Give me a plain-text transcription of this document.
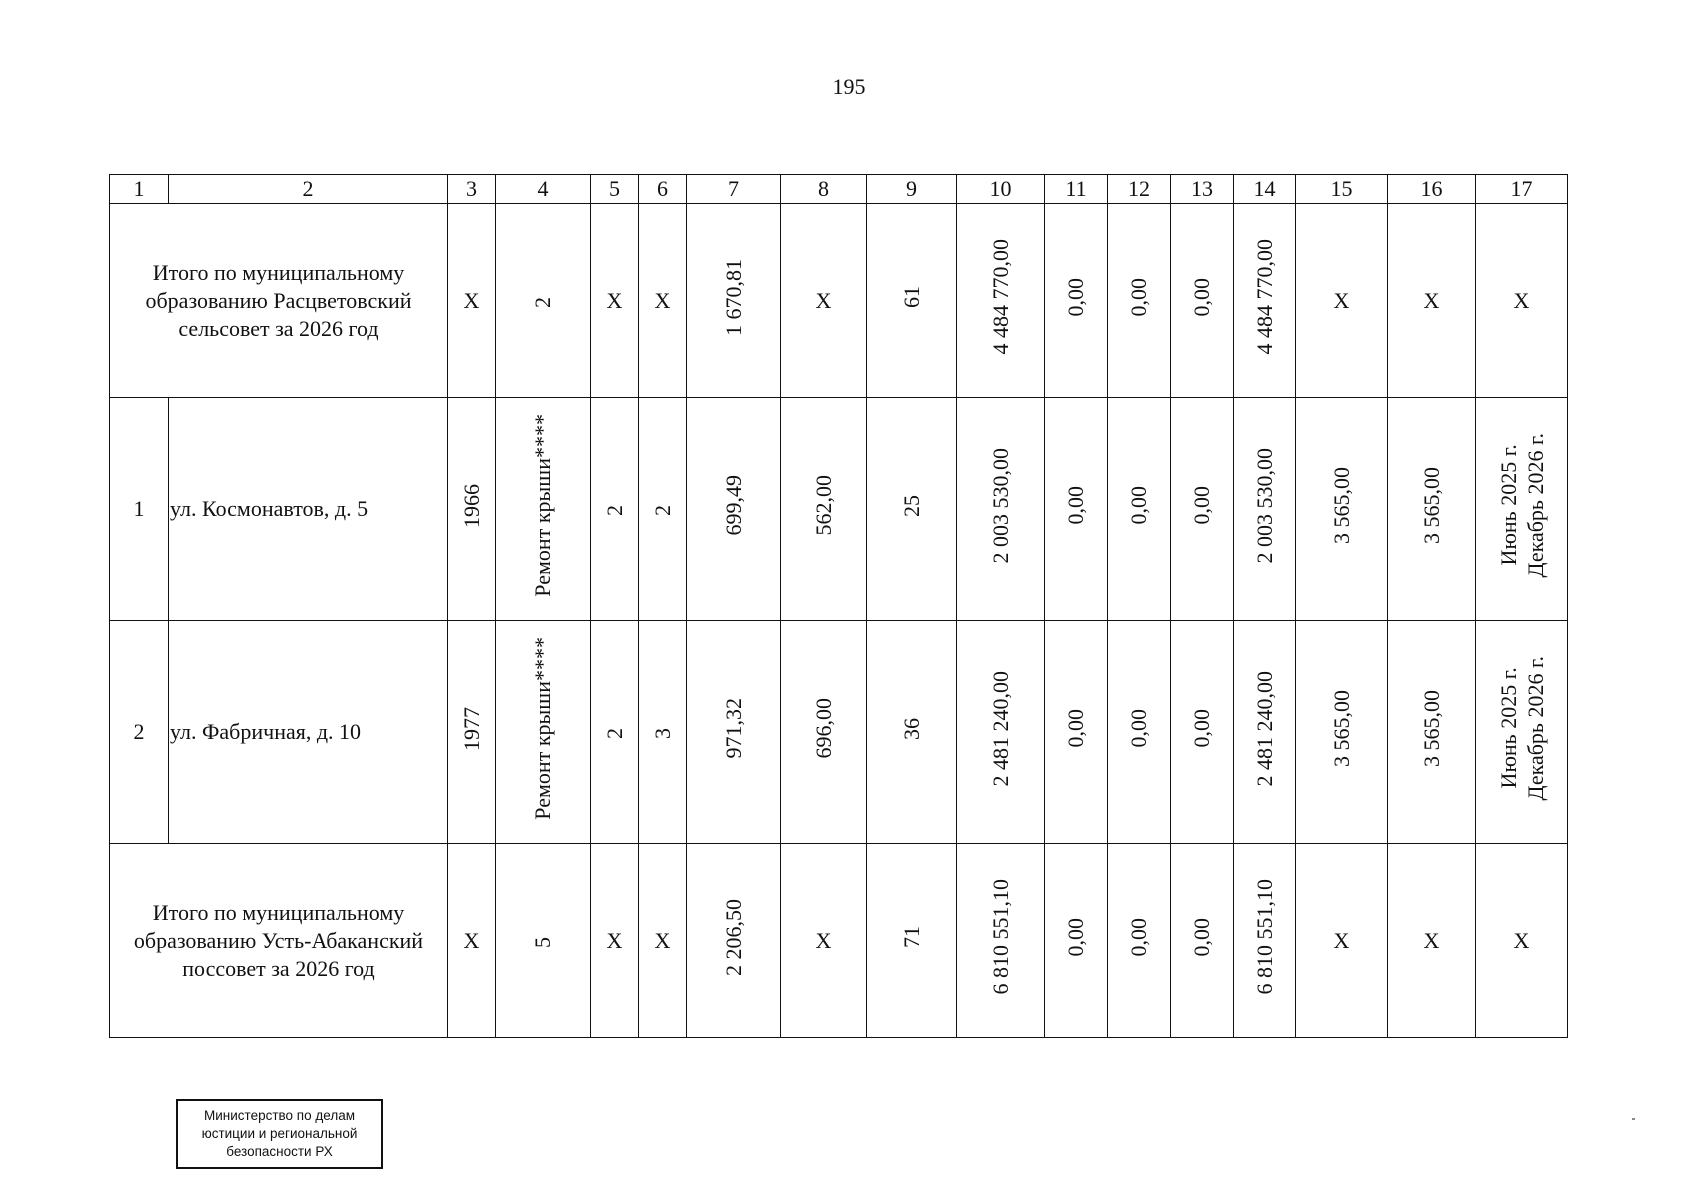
195
1	2	3	4	5	6	7	8	9	10	11	12	13	14	15	16	17
Итого по муниципальному образованию Расцветовский сельсовет за 2026 год		X	2	X	X	1 670,81	X	61	4 484 770,00	0,00	0,00	0,00	4 484 770,00	X	X	X
1	ул. Космонавтов, д. 5	1966	Ремонт крыши****	2	2	699,49	562,00	25	2 003 530,00	0,00	0,00	0,00	2 003 530,00	3 565,00	3 565,00	Июнь 2025 г.
Декабрь 2026 г.
2	ул. Фабричная, д. 10	1977	Ремонт крыши****	2	3	971,32	696,00	36	2 481 240,00	0,00	0,00	0,00	2 481 240,00	3 565,00	3 565,00	Июнь 2025 г.
Декабрь 2026 г.
Итого по муниципальному образованию Усть-Абаканский поссовет за 2026 год		X	5	X	X	2 206,50	X	71	6 810 551,10	0,00	0,00	0,00	6 810 551,10	X	X	X
Министерство по делам
юстиции и региональной
безопасности РХ
